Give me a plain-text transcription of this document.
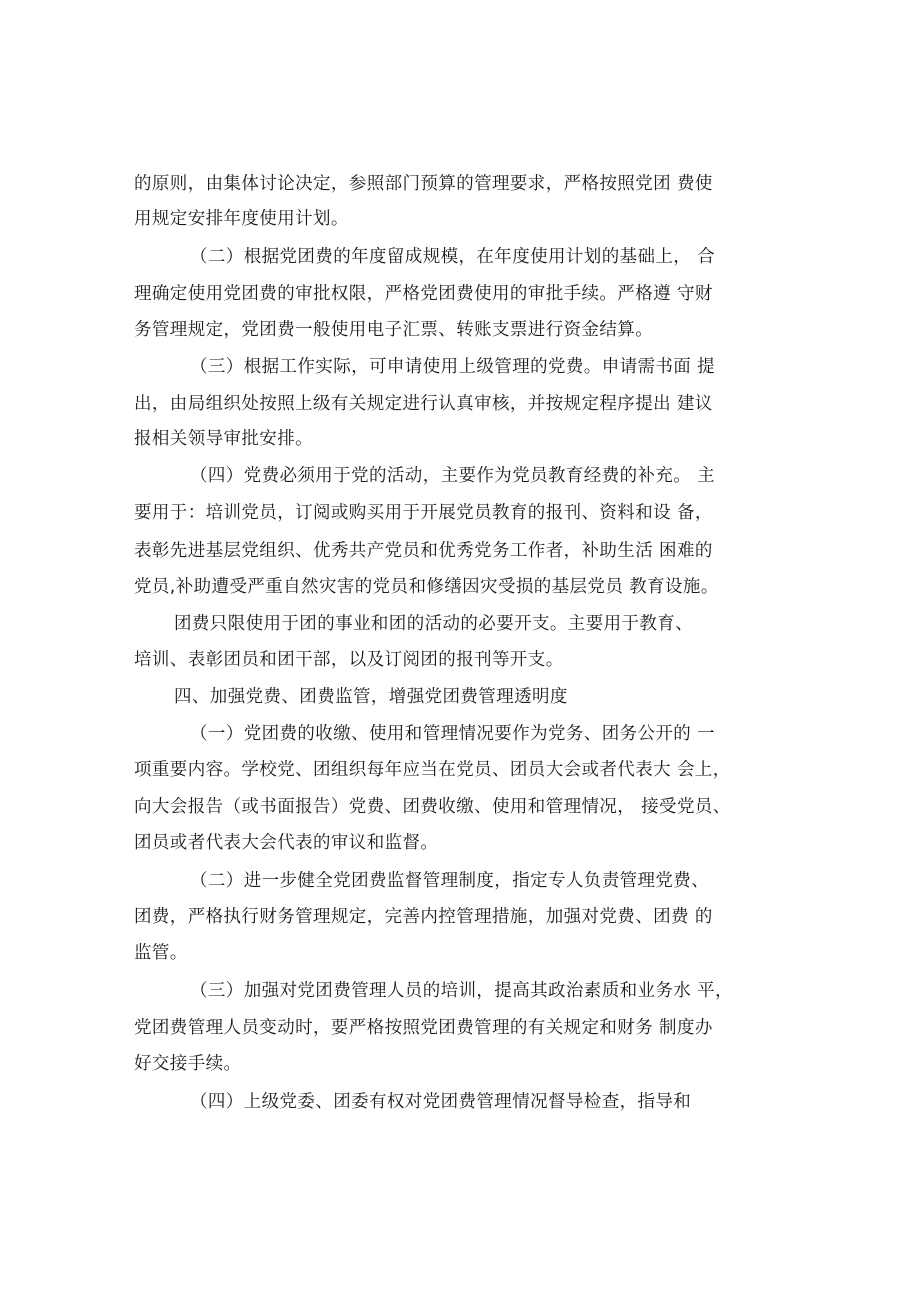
的原则，由集体讨论决定，参照部门预算的管理要求，严格按照党团 费使
用规定安排年度使用计划。
（二）根据党团费的年度留成规模，在年度使用计划的基础上， 合
理确定使用党团费的审批权限，严格党团费使用的审批手续。严格遵 守财
务管理规定，党团费一般使用电子汇票、转账支票进行资金结算。
（三）根据工作实际，可申请使用上级管理的党费。申请需书面 提
出，由局组织处按照上级有关规定进行认真审核，并按规定程序提出 建议
报相关领导审批安排。
（四）党费必须用于党的活动，主要作为党员教育经费的补充。 主
要用于：培训党员，订阅或购买用于开展党员教育的报刊、资料和设 备，
表彰先进基层党组织、优秀共产党员和优秀党务工作者，补助生活 困难的
党员,补助遭受严重自然灾害的党员和修缮因灾受损的基层党员 教育设施。
团费只限使用于团的事业和团的活动的必要开支。主要用于教育、
培训、表彰团员和团干部，以及订阅团的报刊等开支。
四、加强党费、团费监管，增强党团费管理透明度
（一）党团费的收缴、使用和管理情况要作为党务、团务公开的 一
项重要内容。学校党、团组织每年应当在党员、团员大会或者代表大 会上，
向大会报告（或书面报告）党费、团费收缴、使用和管理情况， 接受党员、
团员或者代表大会代表的审议和监督。
（二）进一步健全党团费监督管理制度，指定专人负责管理党费、
团费，严格执行财务管理规定，完善内控管理措施，加强对党费、团费 的
监管。
（三）加强对党团费管理人员的培训，提高其政治素质和业务水 平，
党团费管理人员变动时，要严格按照党团费管理的有关规定和财务 制度办
好交接手续。
（四）上级党委、团委有权对党团费管理情况督导检查，指导和
